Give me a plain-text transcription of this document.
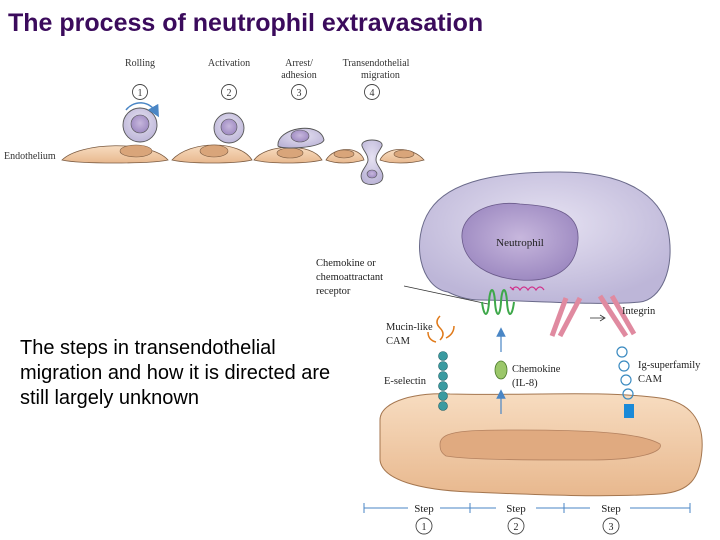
The process of neutrophil extravasation
Rolling	Activation	Arrest/
adhesion
Transendothelial
migration
1	2	3	4
Endothelium
Neutrophil
Chemokine or
chemoattractant
receptor
Integrin
Mucin-like
CAM
E-selectin
Chemokine
(IL-8)
Ig-superfamily
CAM
Step
1
Step
2
Step
3
The steps in transendothelial migration and how it is directed are still largely unknown
